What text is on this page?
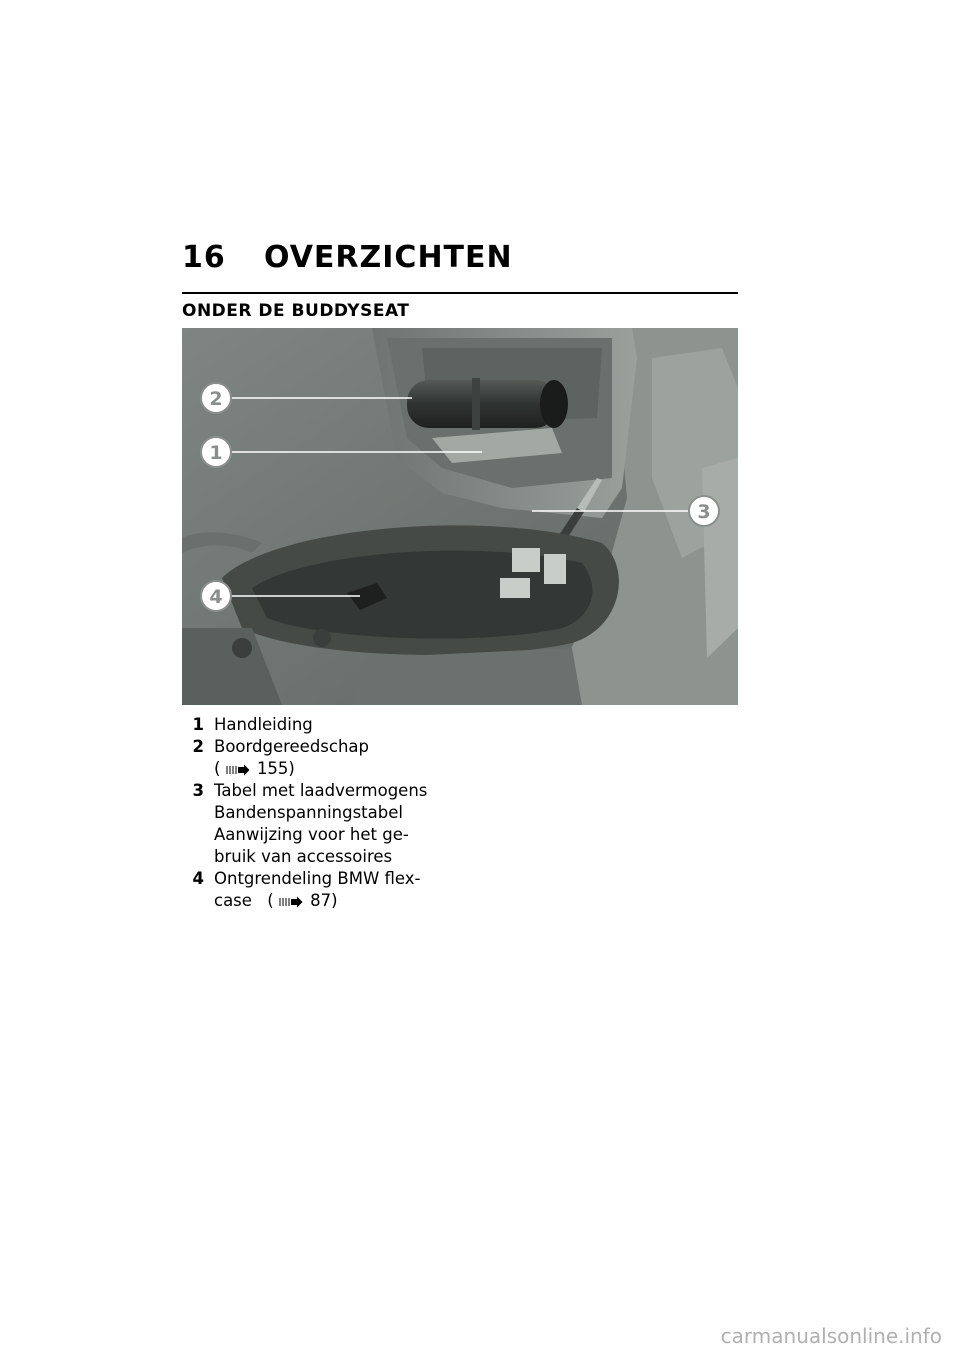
16 OVERZICHTEN
ONDER DE BUDDYSEAT
2
1
3
4
1 Handleiding
2 Boordgereedschap
( 155)
3 Tabel met laadvermogens
Bandenspanningstabel
Aanwijzing voor het ge-
bruik van accessoires
4 Ontgrendeling BMW flex-
case ( 87)
carmanualsonline.info
